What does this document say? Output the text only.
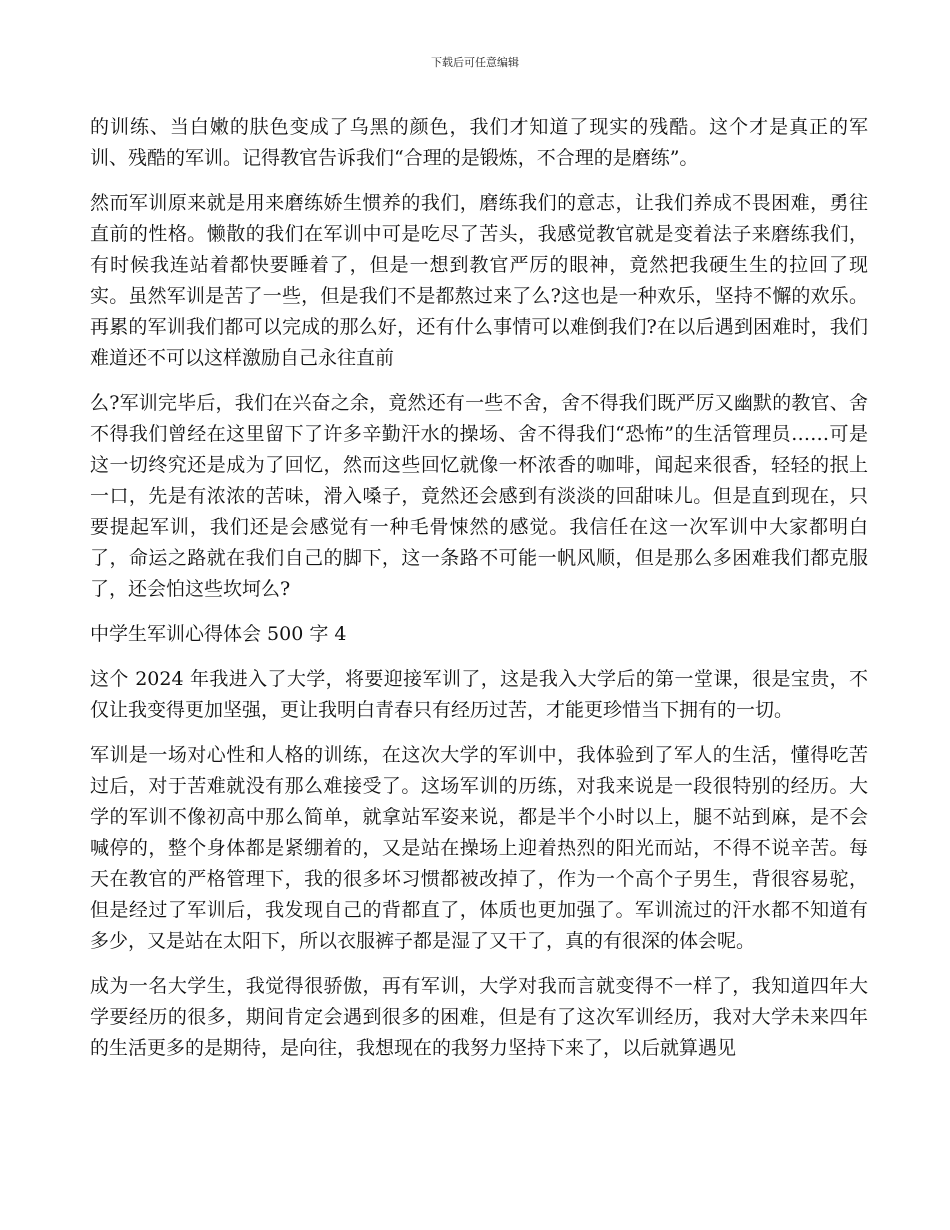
下载后可任意编辑

的训练、当白嫩的肤色变成了乌黑的颜色，我们才知道了现实的残酷。这个才是真正的军训、残酷的军训。记得教官告诉我们“合理的是锻炼，不合理的是磨练”。

然而军训原来就是用来磨练娇生惯养的我们，磨练我们的意志，让我们养成不畏困难，勇往直前的性格。懒散的我们在军训中可是吃尽了苦头，我感觉教官就是变着法子来磨练我们，有时候我连站着都快要睡着了，但是一想到教官严厉的眼神，竟然把我硬生生的拉回了现实。虽然军训是苦了一些，但是我们不是都熬过来了么?这也是一种欢乐，坚持不懈的欢乐。再累的军训我们都可以完成的那么好，还有什么事情可以难倒我们?在以后遇到困难时，我们难道还不可以这样激励自己永往直前

么?军训完毕后，我们在兴奋之余，竟然还有一些不舍，舍不得我们既严厉又幽默的教官、舍不得我们曾经在这里留下了许多辛勤汗水的操场、舍不得我们“恐怖”的生活管理员……可是这一切终究还是成为了回忆，然而这些回忆就像一杯浓香的咖啡，闻起来很香，轻轻的抿上一口，先是有浓浓的苦味，滑入嗓子，竟然还会感到有淡淡的回甜味儿。但是直到现在，只要提起军训，我们还是会感觉有一种毛骨悚然的感觉。我信任在这一次军训中大家都明白了，命运之路就在我们自己的脚下，这一条路不可能一帆风顺，但是那么多困难我们都克服了，还会怕这些坎坷么?

中学生军训心得体会 500 字 4

这个 2024 年我进入了大学，将要迎接军训了，这是我入大学后的第一堂课，很是宝贵，不仅让我变得更加坚强，更让我明白青春只有经历过苦，才能更珍惜当下拥有的一切。

军训是一场对心性和人格的训练，在这次大学的军训中，我体验到了军人的生活，懂得吃苦过后，对于苦难就没有那么难接受了。这场军训的历练，对我来说是一段很特别的经历。大学的军训不像初高中那么简单，就拿站军姿来说，都是半个小时以上，腿不站到麻，是不会喊停的，整个身体都是紧绷着的，又是站在操场上迎着热烈的阳光而站，不得不说辛苦。每天在教官的严格管理下，我的很多坏习惯都被改掉了，作为一个高个子男生，背很容易驼，但是经过了军训后，我发现自己的背都直了，体质也更加强了。军训流过的汗水都不知道有多少，又是站在太阳下，所以衣服裤子都是湿了又干了，真的有很深的体会呢。

成为一名大学生，我觉得很骄傲，再有军训，大学对我而言就变得不一样了，我知道四年大学要经历的很多，期间肯定会遇到很多的困难，但是有了这次军训经历，我对大学未来四年的生活更多的是期待，是向往，我想现在的我努力坚持下来了，以后就算遇见
